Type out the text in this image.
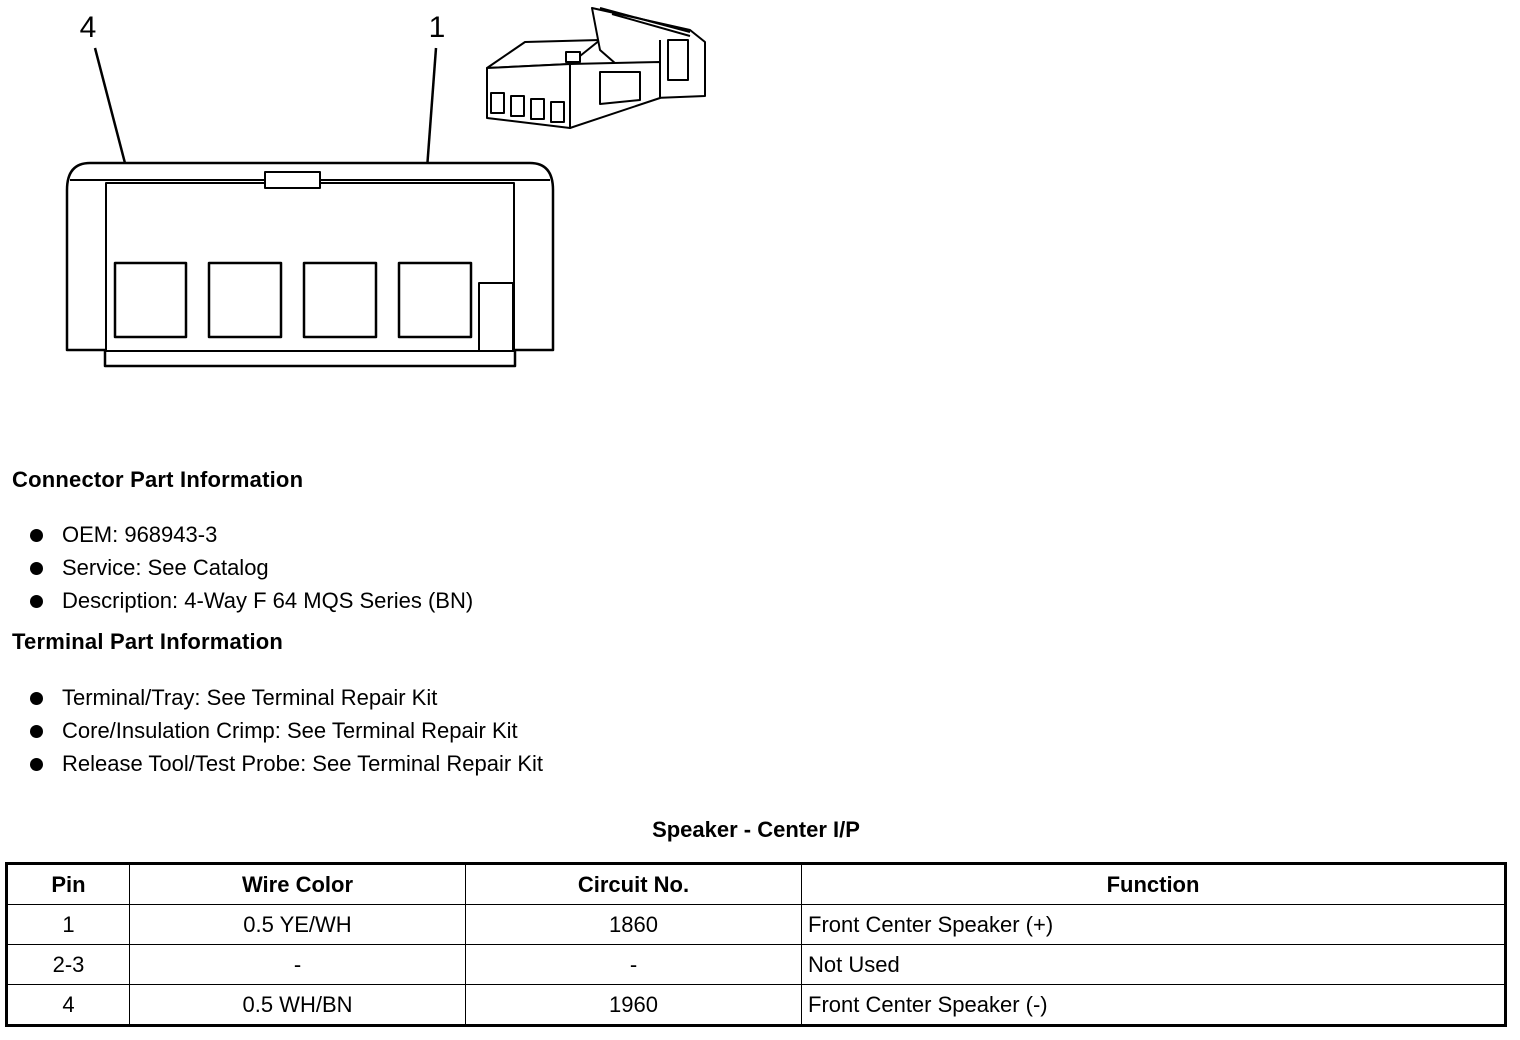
4	1
Connector Part Information
OEM: 968943-3
Service: See Catalog
Description: 4-Way F 64 MQS Series (BN)
Terminal Part Information
Terminal/Tray: See Terminal Repair Kit
Core/Insulation Crimp: See Terminal Repair Kit
Release Tool/Test Probe: See Terminal Repair Kit
Speaker - Center I/P
Pin	Wire Color	Circuit No.	Function
1	0.5 YE/WH	1860	Front Center Speaker (+)
2-3	-	-	Not Used
4	0.5 WH/BN	1960	Front Center Speaker (-)
